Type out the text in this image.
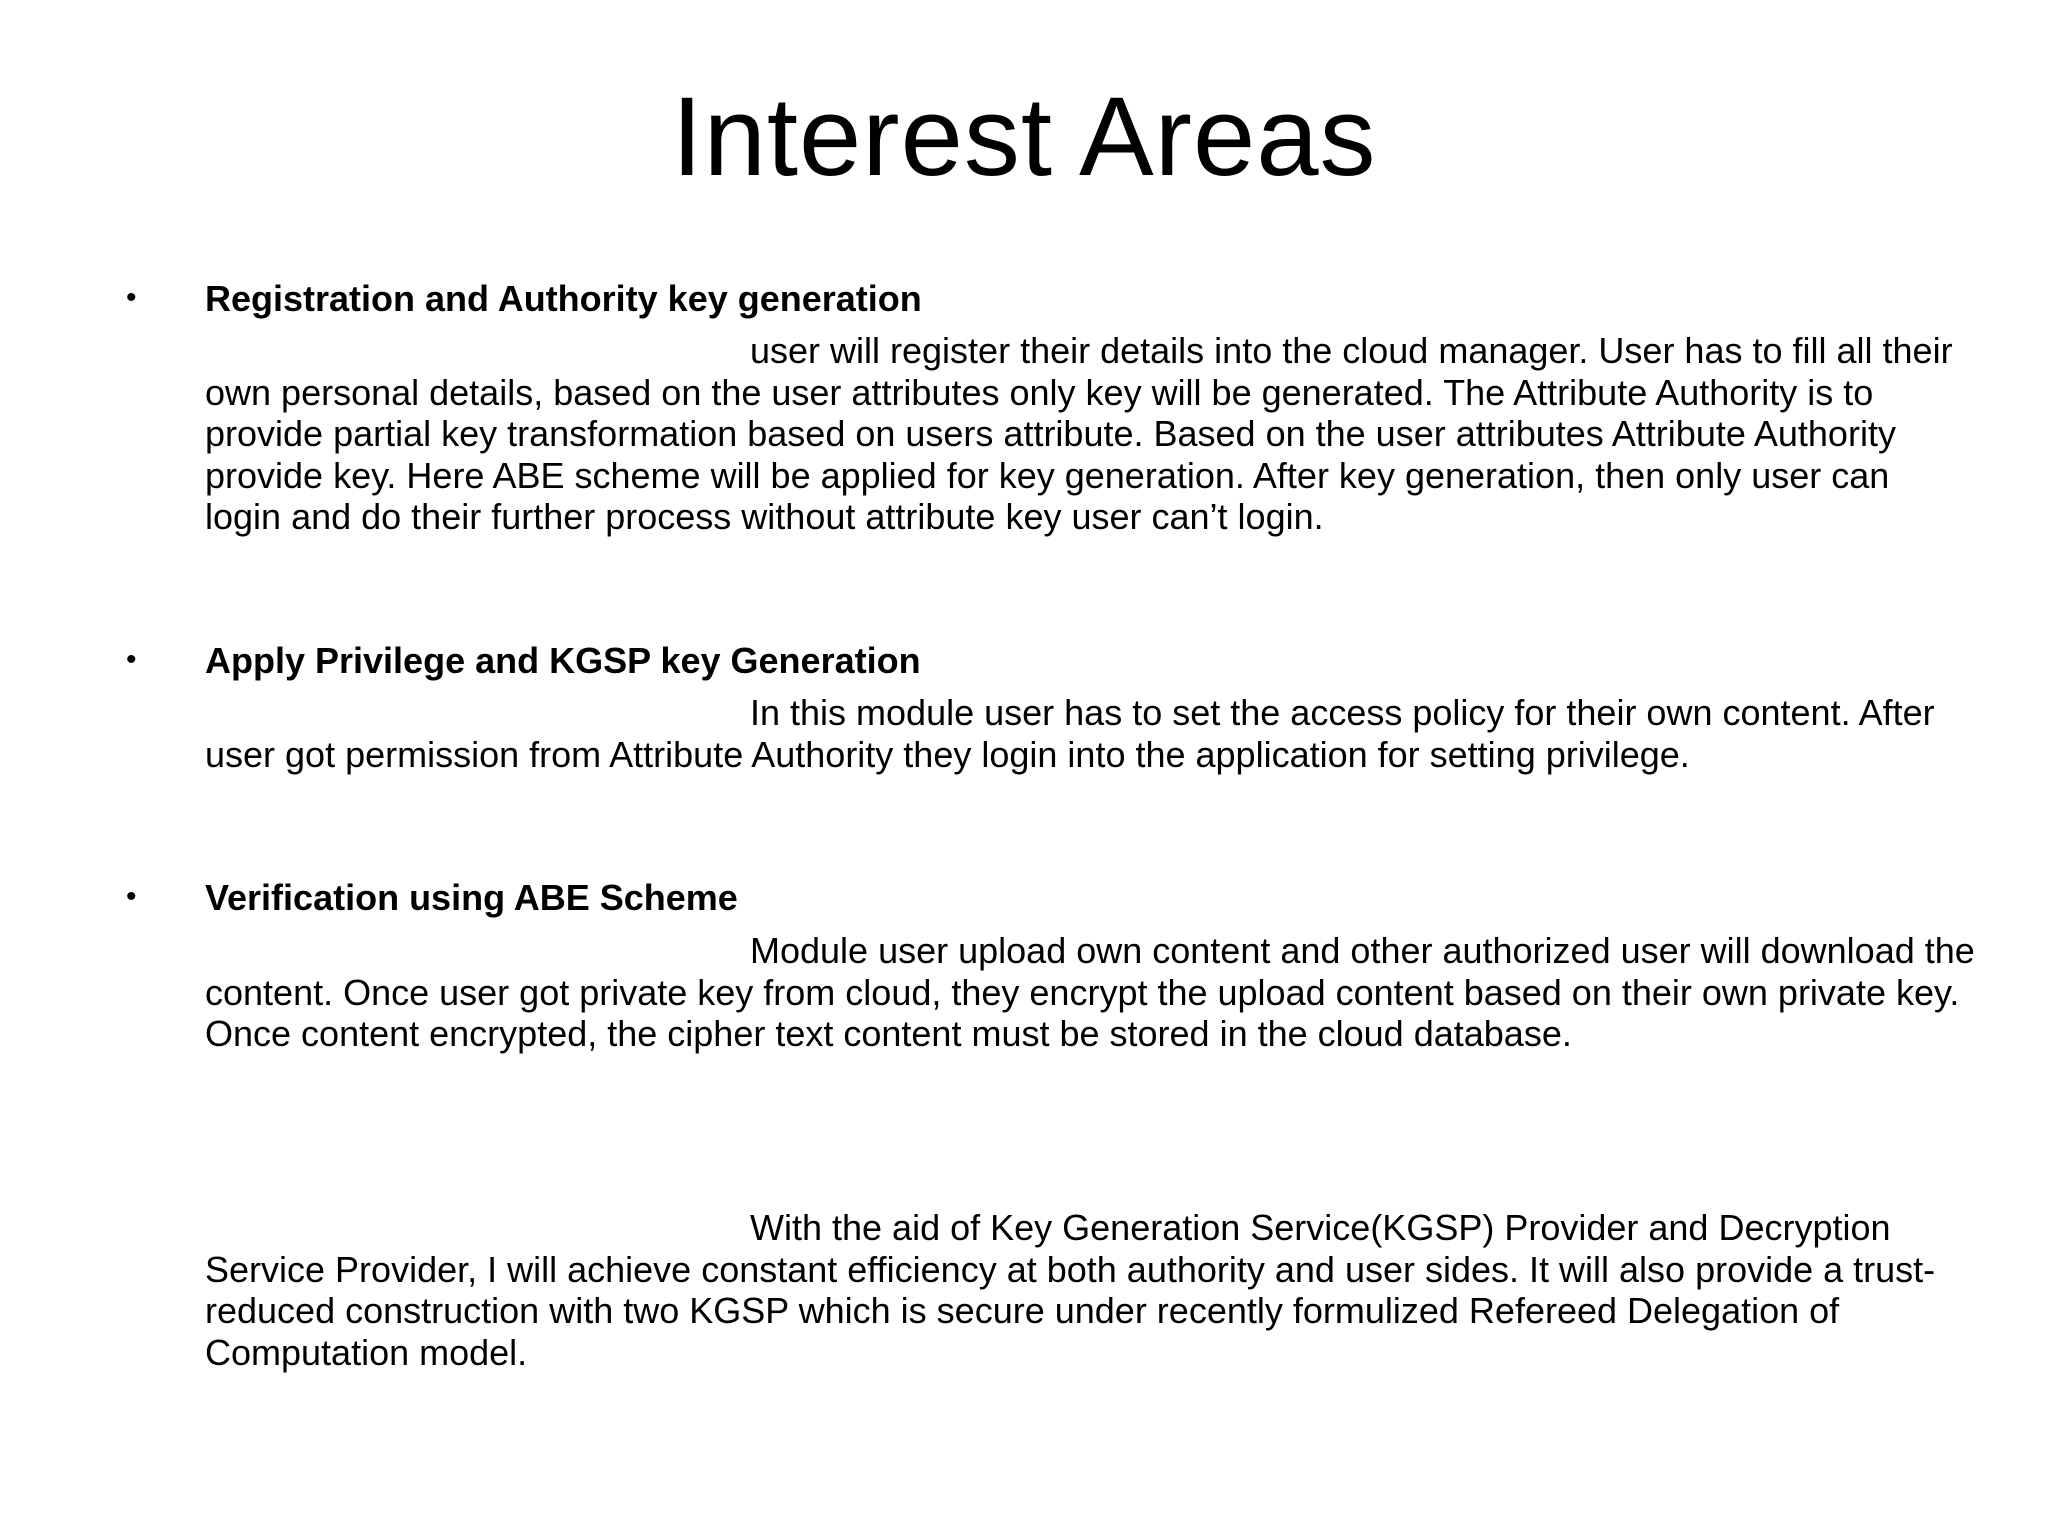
Interest Areas
• Registration and Authority key generation

user will register their details into the cloud manager. User has to fill all their own personal details, based on the user attributes only key will be generated. The Attribute Authority is to provide partial key transformation based on users attribute. Based on the user attributes Attribute Authority provide key. Here ABE scheme will be applied for key generation. After key generation, then only user can login and do their further process without attribute key user can’t login.

• Apply Privilege and KGSP key Generation

In this module user has to set the access policy for their own content. After user got permission from Attribute Authority they login into the application for setting privilege.

• Verification using ABE Scheme

Module user upload own content and other authorized user will download the content. Once user got private key from cloud, they encrypt the upload content based on their own private key. Once content encrypted, the cipher text content must be stored in the cloud database.

With the aid of Key Generation Service(KGSP) Provider and Decryption Service Provider, I will achieve constant efficiency at both authority and user sides. It will also provide a trust-reduced construction with two KGSP which is secure under recently formulized Refereed Delegation of Computation model.
